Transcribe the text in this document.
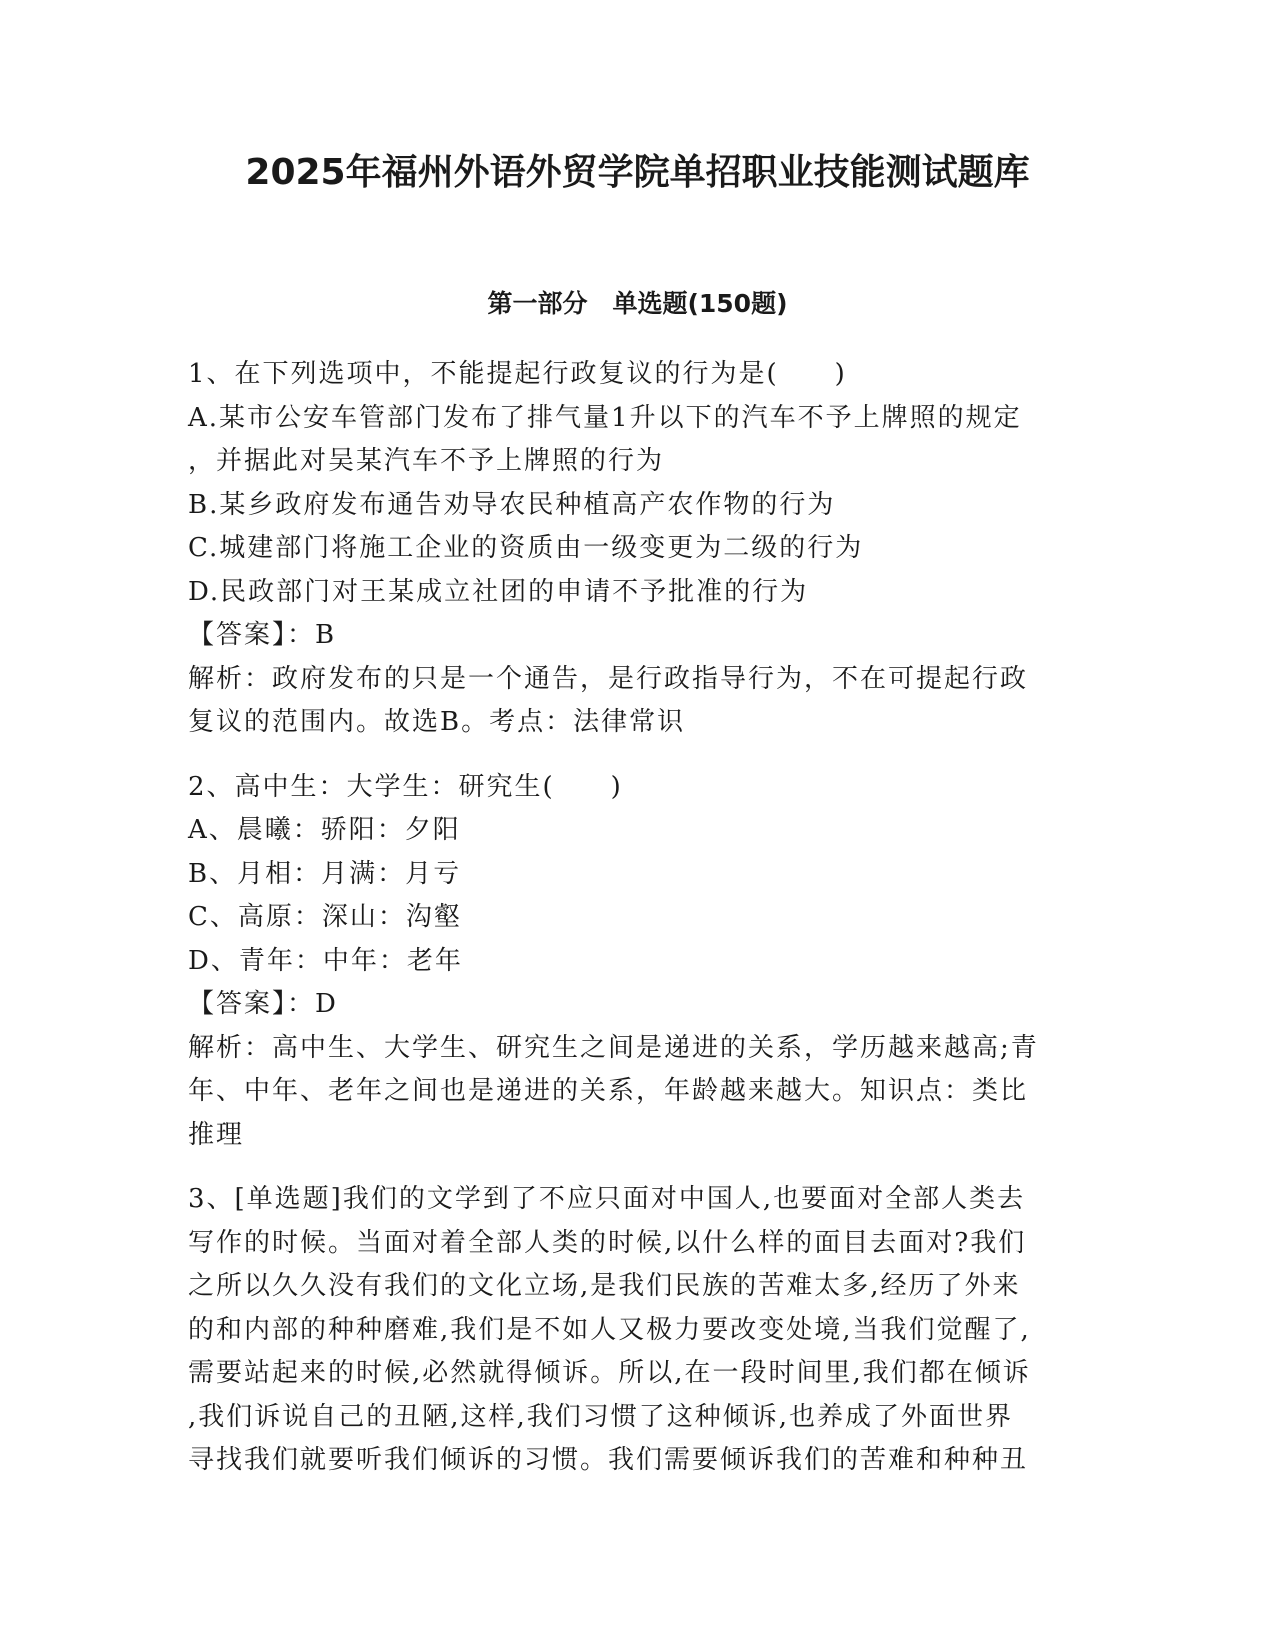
2025年福州外语外贸学院单招职业技能测试题库
第一部分　单选题(150题)

1、在下列选项中，不能提起行政复议的行为是(　　)

A.某市公安车管部门发布了排气量1升以下的汽车不予上牌照的规定

，并据此对吴某汽车不予上牌照的行为

B.某乡政府发布通告劝导农民种植高产农作物的行为

C.城建部门将施工企业的资质由一级变更为二级的行为

D.民政部门对王某成立社团的申请不予批准的行为

【答案】：B

解析：政府发布的只是一个通告，是行政指导行为，不在可提起行政

复议的范围内。故选B。考点：法律常识

2、高中生：大学生：研究生(　　)

A、晨曦：骄阳：夕阳

B、月相：月满：月亏

C、高原：深山：沟壑

D、青年：中年：老年

【答案】：D

解析：高中生、大学生、研究生之间是递进的关系，学历越来越高;青

年、中年、老年之间也是递进的关系，年龄越来越大。知识点：类比

推理

3、[单选题]我们的文学到了不应只面对中国人,也要面对全部人类去

写作的时候。当面对着全部人类的时候,以什么样的面目去面对?我们

之所以久久没有我们的文化立场,是我们民族的苦难太多,经历了外来

的和内部的种种磨难,我们是不如人又极力要改变处境,当我们觉醒了,

需要站起来的时候,必然就得倾诉。所以,在一段时间里,我们都在倾诉

,我们诉说自己的丑陋,这样,我们习惯了这种倾诉,也养成了外面世界

寻找我们就要听我们倾诉的习惯。我们需要倾诉我们的苦难和种种丑
